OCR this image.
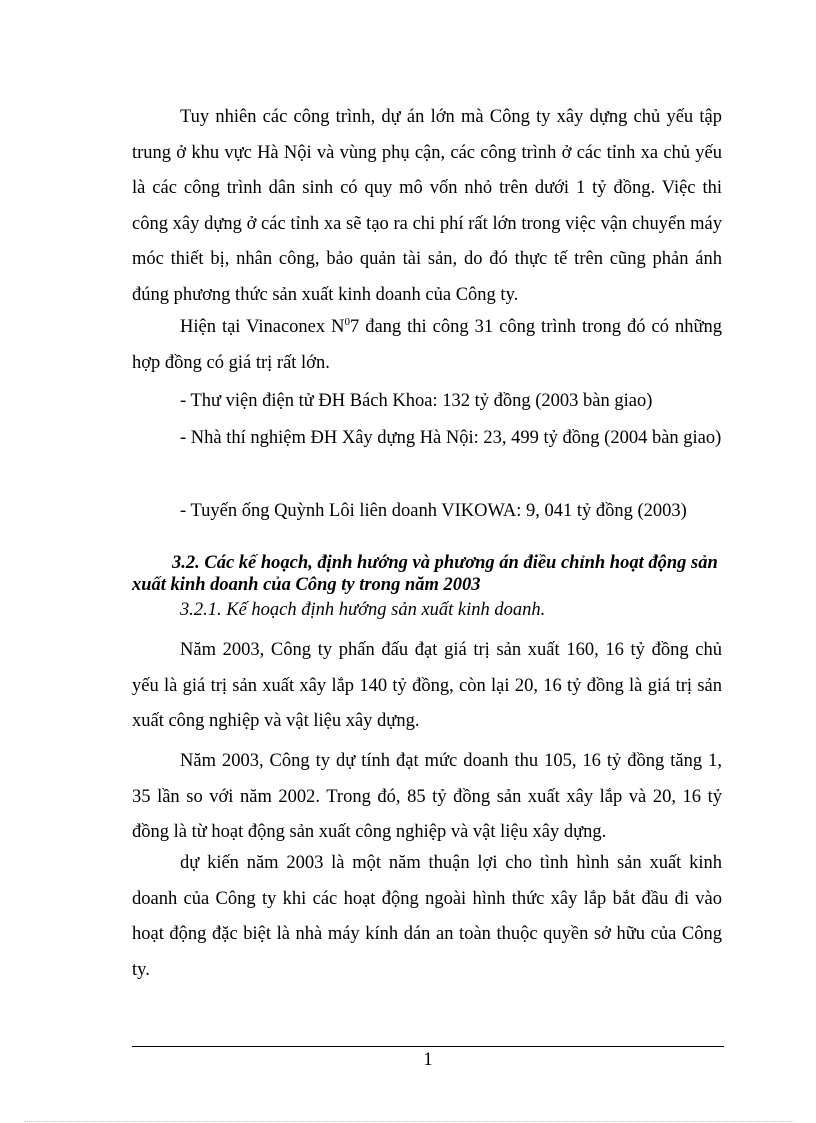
Tuy nhiên các công trình, dự án lớn mà Công ty xây dựng chủ yếu tập trung ở khu vực Hà Nội và vùng phụ cận, các công trình ở các tỉnh xa chủ yếu là các công trình dân sinh có quy mô vốn nhỏ trên dưới 1 tỷ đồng. Việc thi công xây dựng ở các tỉnh xa sẽ tạo ra chi phí rất lớn trong việc vận chuyển máy móc thiết bị, nhân công, bảo quản tài sản, do đó thực tế trên cũng phản ánh đúng phương thức sản xuất kinh doanh của Công ty.

Hiện tại Vinaconex $N^07$ đang thi công 31 công trình trong đó có những hợp đồng có giá trị rất lớn.

- Thư viện điện tử ĐH Bách Khoa: 132 tỷ đồng (2003 bàn giao)

- Nhà thí nghiệm ĐH Xây dựng Hà Nội: 23, 499 tỷ đồng (2004 bàn giao)

- Tuyến ống Quỳnh Lôi liên doanh VIKOWA: 9, 041 tỷ đồng (2003)

3.2. Các kế hoạch, định hướng và phương án điều chỉnh hoạt động sản xuất kinh doanh của Công ty trong năm 2003

3.2.1. Kế hoạch định hướng sản xuất kinh doanh.

Năm 2003, Công ty phấn đấu đạt giá trị sản xuất 160, 16 tỷ đồng chủ yếu là giá trị sản xuất xây lắp 140 tỷ đồng, còn lại 20, 16 tỷ đồng là giá trị sản xuất công nghiệp và vật liệu xây dựng.

Năm 2003, Công ty dự tính đạt mức doanh thu 105, 16 tỷ đồng tăng 1, 35 lần so với năm 2002. Trong đó, 85 tỷ đồng sản xuất xây lắp và 20, 16 tỷ đồng là từ hoạt động sản xuất công nghiệp và vật liệu xây dựng.

dự kiến năm 2003 là một năm thuận lợi cho tình hình sản xuất kinh doanh của Công ty khi các hoạt động ngoài hình thức xây lắp bắt đầu đi vào hoạt động đặc biệt là nhà máy kính dán an toàn thuộc quyền sở hữu của Công ty.

1
